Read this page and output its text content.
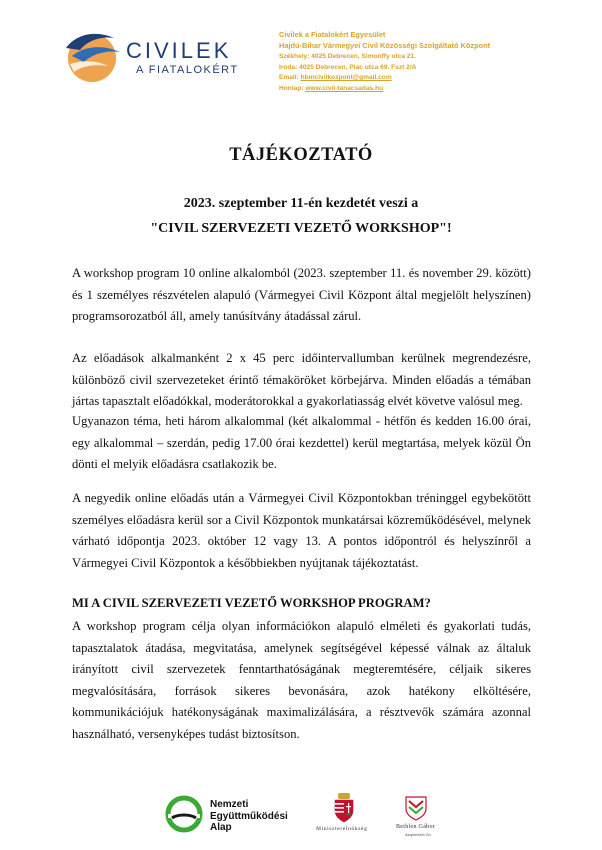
CIVILEK
A FIATALOKÉRT
Civilek a Fiatalokért Egyesület
Hajdú-Bihar Vármegyei Civil Közösségi Szolgáltató Központ
Székhely: 4025 Debrecen, Simonffy utca 21.
Iroda: 4025 Debrecen, Piac utca 69. Fszt 2/A
Email: hbmcivilkozpont@gmail.com
Honlap: www.civil-tanacsadas.hu
TÁJÉKOZTATÓ
2023. szeptember 11-én kezdetét veszi a
"CIVIL SZERVEZETI VEZETŐ WORKSHOP"!
A workshop program 10 online alkalomból (2023. szeptember 11. és november 29. között) és 1 személyes részvételen alapuló (Vármegyei Civil Központ által megjelölt helyszínen) programsorozatból áll, amely tanúsítvány átadással zárul.
Az előadások alkalmanként 2 x 45 perc időintervallumban kerülnek megrendezésre, különböző civil szervezeteket érintő témaköröket körbejárva. Minden előadás a témában jártas tapasztalt előadókkal, moderátorokkal a gyakorlatiasság elvét követve valósul meg.
Ugyanazon téma, heti három alkalommal (két alkalommal - hétfőn és kedden 16.00 órai, egy alkalommal – szerdán, pedig 17.00 órai kezdettel) kerül megtartása, melyek közül Ön dönti el melyik előadásra csatlakozik be.
A negyedik online előadás után a Vármegyei Civil Központokban tréninggel egybekötött személyes előadásra kerül sor a Civil Központok munkatársai közreműködésével, melynek várható időpontja 2023. október 12 vagy 13. A pontos időpontról és helyszínről a Vármegyei Civil Központok a későbbiekben nyújtanak tájékoztatást.
MI A CIVIL SZERVEZETI VEZETŐ WORKSHOP PROGRAM?
A workshop program célja olyan információkon alapuló elméleti és gyakorlati tudás, tapasztalatok átadása, megvitatása, amelynek segítségével képessé válnak az általuk irányított civil szervezetek fenntarthatóságának megteremtésére, céljaik sikeres megvalósítására, források sikeres bevonására, azok hatékony elköltésére, kommunikációjuk hatékonyságának maximalizálására, a résztvevők számára azonnal használható, versenyképes tudást biztosítson.
Nemzeti
Együttműködési
Alap	Miniszterelnökség	Bethlen Gábor
Alapkezelő Zrt.
